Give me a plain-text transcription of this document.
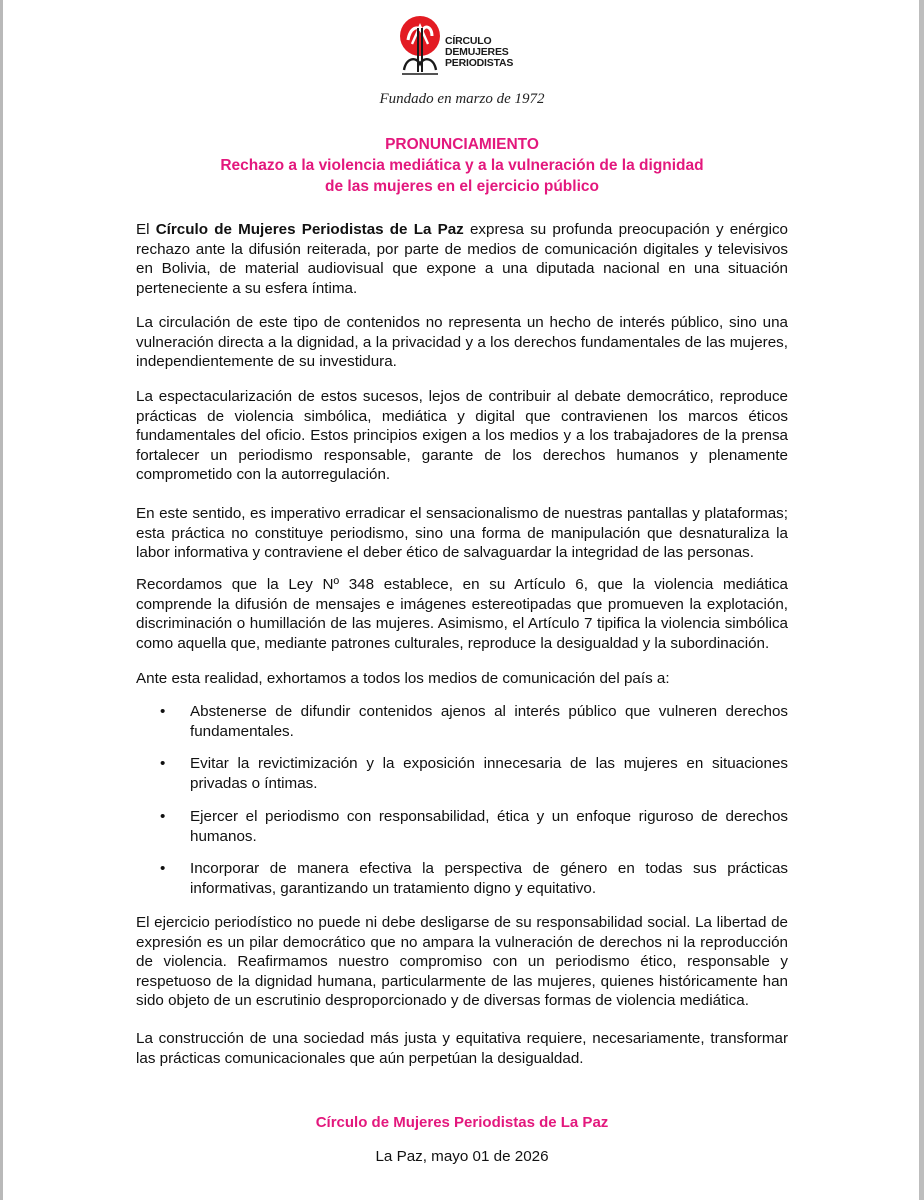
CÍRCULO
DEMUJERES
PERIODISTAS
Fundado en marzo de 1972
PRONUNCIAMIENTO
Rechazo a la violencia mediática y a la vulneración de la dignidad
de las mujeres en el ejercicio público

El Círculo de Mujeres Periodistas de La Paz expresa su profunda preocupación y enérgico rechazo ante la difusión reiterada, por parte de medios de comunicación digitales y televisivos en Bolivia, de material audiovisual que expone a una diputada nacional en una situación perteneciente a su esfera íntima.

La circulación de este tipo de contenidos no representa un hecho de interés público, sino una vulneración directa a la dignidad, a la privacidad y a los derechos fundamentales de las mujeres, independientemente de su investidura.

La espectacularización de estos sucesos, lejos de contribuir al debate democrático, reproduce prácticas de violencia simbólica, mediática y digital que contravienen los marcos éticos fundamentales del oficio. Estos principios exigen a los medios y a los trabajadores de la prensa fortalecer un periodismo responsable, garante de los derechos humanos y plenamente comprometido con la autorregulación.

En este sentido, es imperativo erradicar el sensacionalismo de nuestras pantallas y plataformas; esta práctica no constituye periodismo, sino una forma de manipulación que desnaturaliza la labor informativa y contraviene el deber ético de salvaguardar la integridad de las personas.

Recordamos que la Ley Nº 348 establece, en su Artículo 6, que la violencia mediática comprende la difusión de mensajes e imágenes estereotipadas que promueven la explotación, discriminación o humillación de las mujeres. Asimismo, el Artículo 7 tipifica la violencia simbólica como aquella que, mediante patrones culturales, reproduce la desigualdad y la subordinación.

Ante esta realidad, exhortamos a todos los medios de comunicación del país a:

•	Abstenerse de difundir contenidos ajenos al interés público que vulneren derechos fundamentales.
•	Evitar la revictimización y la exposición innecesaria de las mujeres en situaciones privadas o íntimas.
•	Ejercer el periodismo con responsabilidad, ética y un enfoque riguroso de derechos humanos.
•	Incorporar de manera efectiva la perspectiva de género en todas sus prácticas informativas, garantizando un tratamiento digno y equitativo.

El ejercicio periodístico no puede ni debe desligarse de su responsabilidad social. La libertad de expresión es un pilar democrático que no ampara la vulneración de derechos ni la reproducción de violencia. Reafirmamos nuestro compromiso con un periodismo ético, responsable y respetuoso de la dignidad humana, particularmente de las mujeres, quienes históricamente han sido objeto de un escrutinio desproporcionado y de diversas formas de violencia mediática.

La construcción de una sociedad más justa y equitativa requiere, necesariamente, transformar las prácticas comunicacionales que aún perpetúan la desigualdad.

Círculo de Mujeres Periodistas de La Paz
La Paz, mayo 01 de 2026
